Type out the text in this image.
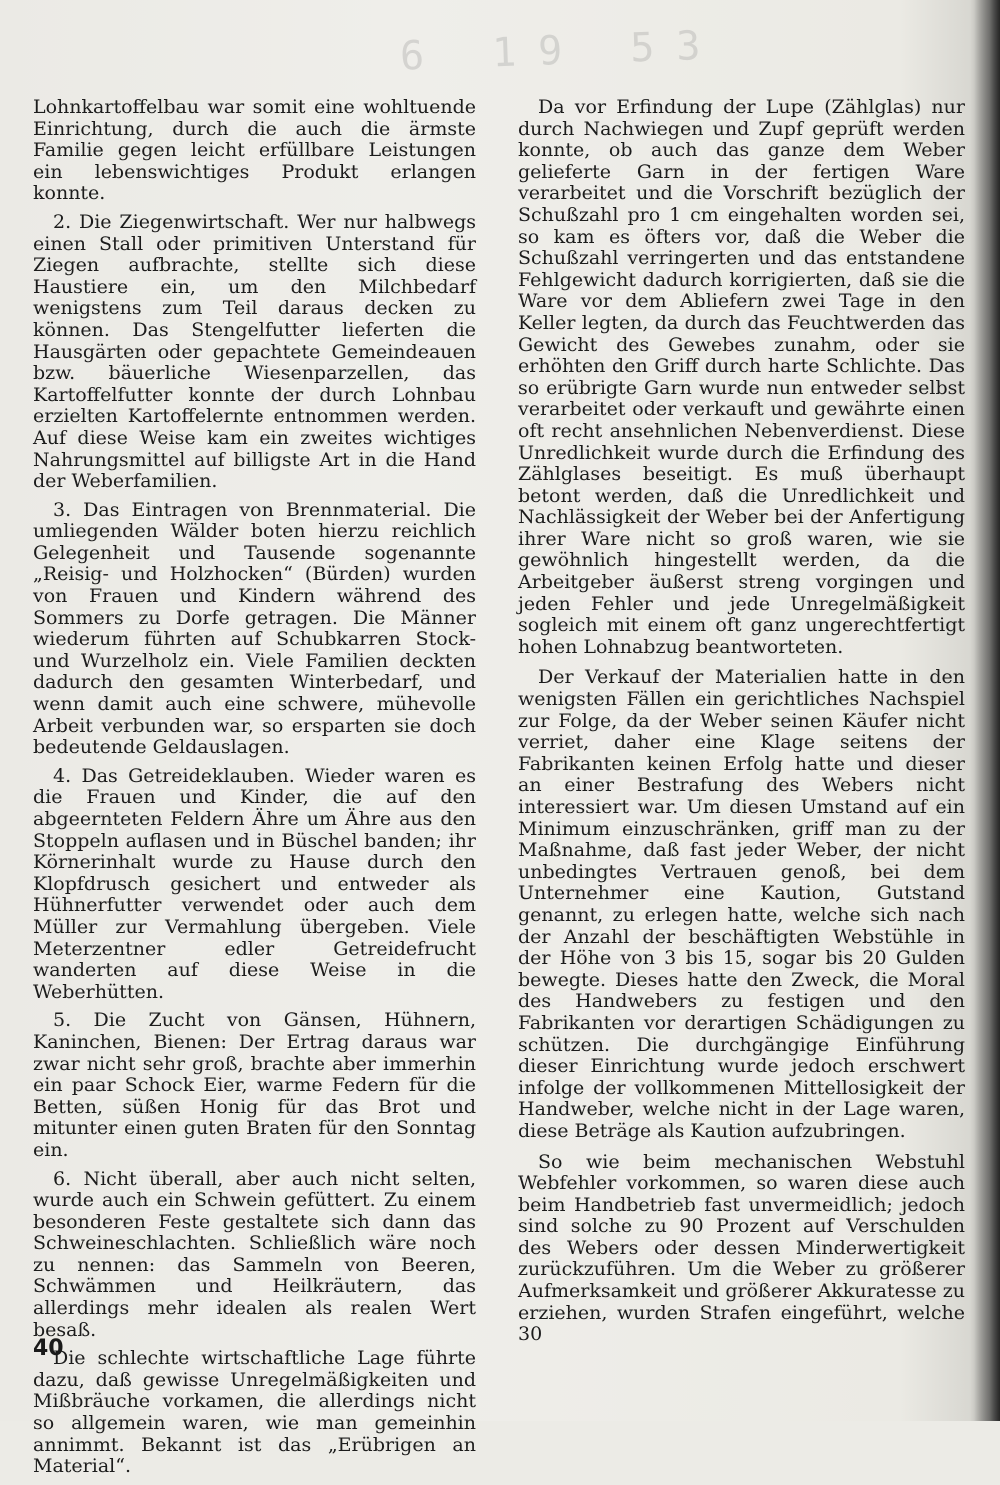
6 19 53

Lohnkartoffelbau war somit eine wohltuende Einrichtung, durch die auch die ärmste Familie gegen leicht erfüllbare Leistungen ein lebenswichtiges Produkt erlangen konnte.

2. Die Ziegenwirtschaft. Wer nur halbwegs einen Stall oder primitiven Unterstand für Ziegen aufbrachte, stellte sich diese Haustiere ein, um den Milchbedarf wenigstens zum Teil daraus decken zu können. Das Stengelfutter lieferten die Hausgärten oder gepachtete Gemeindeauen bzw. bäuerliche Wiesenparzellen, das Kartoffelfutter konnte der durch Lohnbau erzielten Kartoffelernte entnommen werden. Auf diese Weise kam ein zweites wichtiges Nahrungsmittel auf billigste Art in die Hand der Weberfamilien.

3. Das Eintragen von Brennmaterial. Die umliegenden Wälder boten hierzu reichlich Gelegenheit und Tausende sogenannte „Reisig- und Holzhocken“ (Bürden) wurden von Frauen und Kindern während des Sommers zu Dorfe getragen. Die Männer wiederum führten auf Schubkarren Stock- und Wurzelholz ein. Viele Familien deckten dadurch den gesamten Winterbedarf, und wenn damit auch eine schwere, mühevolle Arbeit verbunden war, so ersparten sie doch bedeutende Geldauslagen.

4. Das Getreideklauben. Wieder waren es die Frauen und Kinder, die auf den abgeernteten Feldern Ähre um Ähre aus den Stoppeln auflasen und in Büschel banden; ihr Körnerinhalt wurde zu Hause durch den Klopfdrusch gesichert und entweder als Hühnerfutter verwendet oder auch dem Müller zur Vermahlung übergeben. Viele Meterzentner edler Getreidefrucht wanderten auf diese Weise in die Weberhütten.

5. Die Zucht von Gänsen, Hühnern, Kaninchen, Bienen: Der Ertrag daraus war zwar nicht sehr groß, brachte aber immerhin ein paar Schock Eier, warme Federn für die Betten, süßen Honig für das Brot und mitunter einen guten Braten für den Sonntag ein.

6. Nicht überall, aber auch nicht selten, wurde auch ein Schwein gefüttert. Zu einem besonderen Feste gestaltete sich dann das Schweineschlachten. Schließlich wäre noch zu nennen: das Sammeln von Beeren, Schwämmen und Heilkräutern, das allerdings mehr idealen als realen Wert besaß.

Die schlechte wirtschaftliche Lage führte dazu, daß gewisse Unregelmäßigkeiten und Mißbräuche vorkamen, die allerdings nicht so allgemein waren, wie man gemeinhin annimmt. Bekannt ist das „Erübrigen an Material“.

Da vor Erfindung der Lupe (Zählglas) nur durch Nachwiegen und Zupf geprüft werden konnte, ob auch das ganze dem Weber gelieferte Garn in der fertigen Ware verarbeitet und die Vorschrift bezüglich der Schußzahl pro 1 cm eingehalten worden sei, so kam es öfters vor, daß die Weber die Schußzahl verringerten und das entstandene Fehlgewicht dadurch korrigierten, daß sie die Ware vor dem Abliefern zwei Tage in den Keller legten, da durch das Feuchtwerden das Gewicht des Gewebes zunahm, oder sie erhöhten den Griff durch harte Schlichte. Das so erübrigte Garn wurde nun entweder selbst verarbeitet oder verkauft und gewährte einen oft recht ansehnlichen Nebenverdienst. Diese Unredlichkeit wurde durch die Erfindung des Zählglases beseitigt. Es muß überhaupt betont werden, daß die Unredlichkeit und Nachlässigkeit der Weber bei der Anfertigung ihrer Ware nicht so groß waren, wie sie gewöhnlich hingestellt werden, da die Arbeitgeber äußerst streng vorgingen und jeden Fehler und jede Unregelmäßigkeit sogleich mit einem oft ganz ungerechtfertigt hohen Lohnabzug beantworteten.

Der Verkauf der Materialien hatte in den wenigsten Fällen ein gerichtliches Nachspiel zur Folge, da der Weber seinen Käufer nicht verriet, daher eine Klage seitens der Fabrikanten keinen Erfolg hatte und dieser an einer Bestrafung des Webers nicht interessiert war. Um diesen Umstand auf ein Minimum einzuschränken, griff man zu der Maßnahme, daß fast jeder Weber, der nicht unbedingtes Vertrauen genoß, bei dem Unternehmer eine Kaution, Gutstand genannt, zu erlegen hatte, welche sich nach der Anzahl der beschäftigten Webstühle in der Höhe von 3 bis 15, sogar bis 20 Gulden bewegte. Dieses hatte den Zweck, die Moral des Handwebers zu festigen und den Fabrikanten vor derartigen Schädigungen zu schützen. Die durchgängige Einführung dieser Einrichtung wurde jedoch erschwert infolge der vollkommenen Mittellosigkeit der Handweber, welche nicht in der Lage waren, diese Beträge als Kaution aufzubringen.

So wie beim mechanischen Webstuhl Webfehler vorkommen, so waren diese auch beim Handbetrieb fast unvermeidlich; jedoch sind solche zu 90 Prozent auf Verschulden des Webers oder dessen Minderwertigkeit zurückzuführen. Um die Weber zu größerer Aufmerksamkeit und größerer Akkuratesse zu erziehen, wurden Strafen eingeführt, welche 30

40
